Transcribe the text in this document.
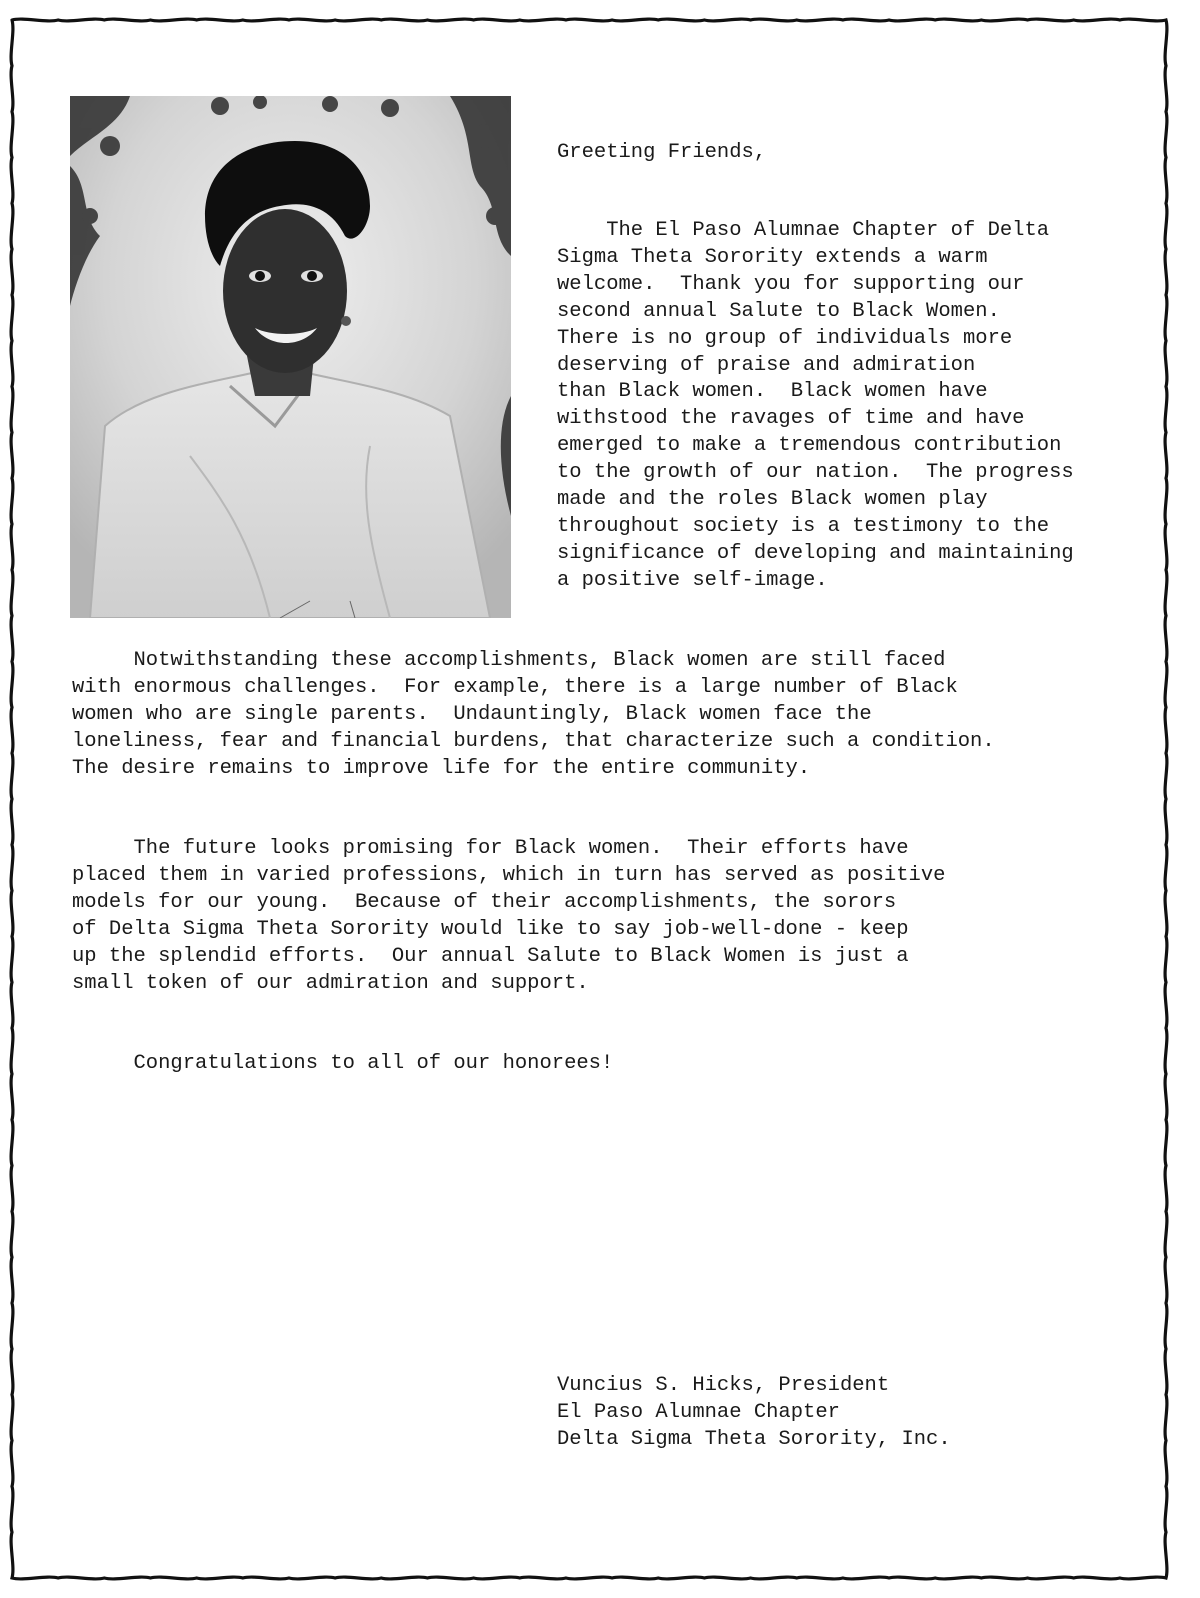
Greeting Friends,

The El Paso Alumnae Chapter of Delta
Sigma Theta Sorority extends a warm
welcome.  Thank you for supporting our
second annual Salute to Black Women.
There is no group of individuals more
deserving of praise and admiration
than Black women.  Black women have
withstood the ravages of time and have
emerged to make a tremendous contribution
to the growth of our nation.  The progress
made and the roles Black women play
throughout society is a testimony to the
significance of developing and maintaining
a positive self-image.
Notwithstanding these accomplishments, Black women are still faced
with enormous challenges.  For example, there is a large number of Black
women who are single parents.  Undauntingly, Black women face the
loneliness, fear and financial burdens, that characterize such a condition.
The desire remains to improve life for the entire community.
The future looks promising for Black women.  Their efforts have
placed them in varied professions, which in turn has served as positive
models for our young.  Because of their accomplishments, the sorors
of Delta Sigma Theta Sorority would like to say job-well-done - keep
up the splendid efforts.  Our annual Salute to Black Women is just a
small token of our admiration and support.

Congratulations to all of our honorees!

Vuncius S. Hicks, President
El Paso Alumnae Chapter
Delta Sigma Theta Sorority, Inc.
